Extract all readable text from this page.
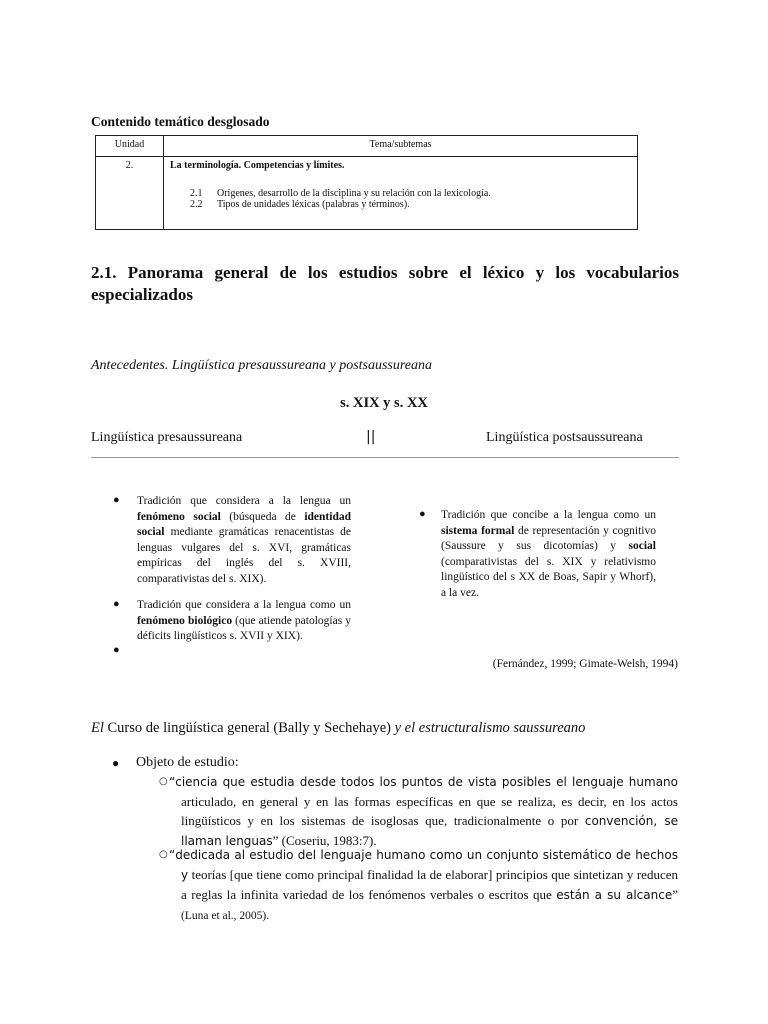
Contenido temático desglosado
Unidad	Tema/subtemas
2.	La terminología. Competencias y límites.
2.1 Orígenes, desarrollo de la disciplina y su relación con la lexicología.
2.2 Tipos de unidades léxicas (palabras y términos).
2.1. Panorama general de los estudios sobre el léxico y los vocabularios especializados
Antecedentes. Lingüística presaussureana y postsaussureana
s. XIX y s. XX
Lingüística presaussureana	||	Lingüística postsaussureana
● Tradición que considera a la lengua un fenómeno social (búsqueda de identidad social mediante gramáticas renacentistas de lenguas vulgares del s. XVI, gramáticas empíricas del inglés del s. XVIII, comparativistas del s. XIX).
●
●
Tradición que considera a la lengua como un fenómeno biológico (que atiende patologías y déficits lingüísticos s. XVII y XIX).
● Tradición que concibe a la lengua como un sistema formal de representación y cognitivo (Saussure y sus dicotomías) y social (comparativistas del s. XIX y relativismo lingüístico del s XX de Boas, Sapir y Whorf), a la vez.
(Fernández, 1999; Gimate-Welsh, 1994)
El Curso de lingüística general (Bally y Sechehaye) y el estructuralismo saussureano
● Objeto de estudio:
○ “ciencia que estudia desde todos los puntos de vista posibles el lenguaje humano articulado, en general y en las formas específicas en que se realiza, es decir, en los actos lingüísticos y en los sistemas de isoglosas que, tradicionalmente o por convención, se llaman lenguas” (Coseriu, 1983:7).
○ “dedicada al estudio del lenguaje humano como un conjunto sistemático de hechos y teorías [que tiene como principal finalidad la de elaborar] principios que sintetizan y reducen a reglas la infinita variedad de los fenómenos verbales o escritos que están a su alcance” (Luna et al., 2005).
